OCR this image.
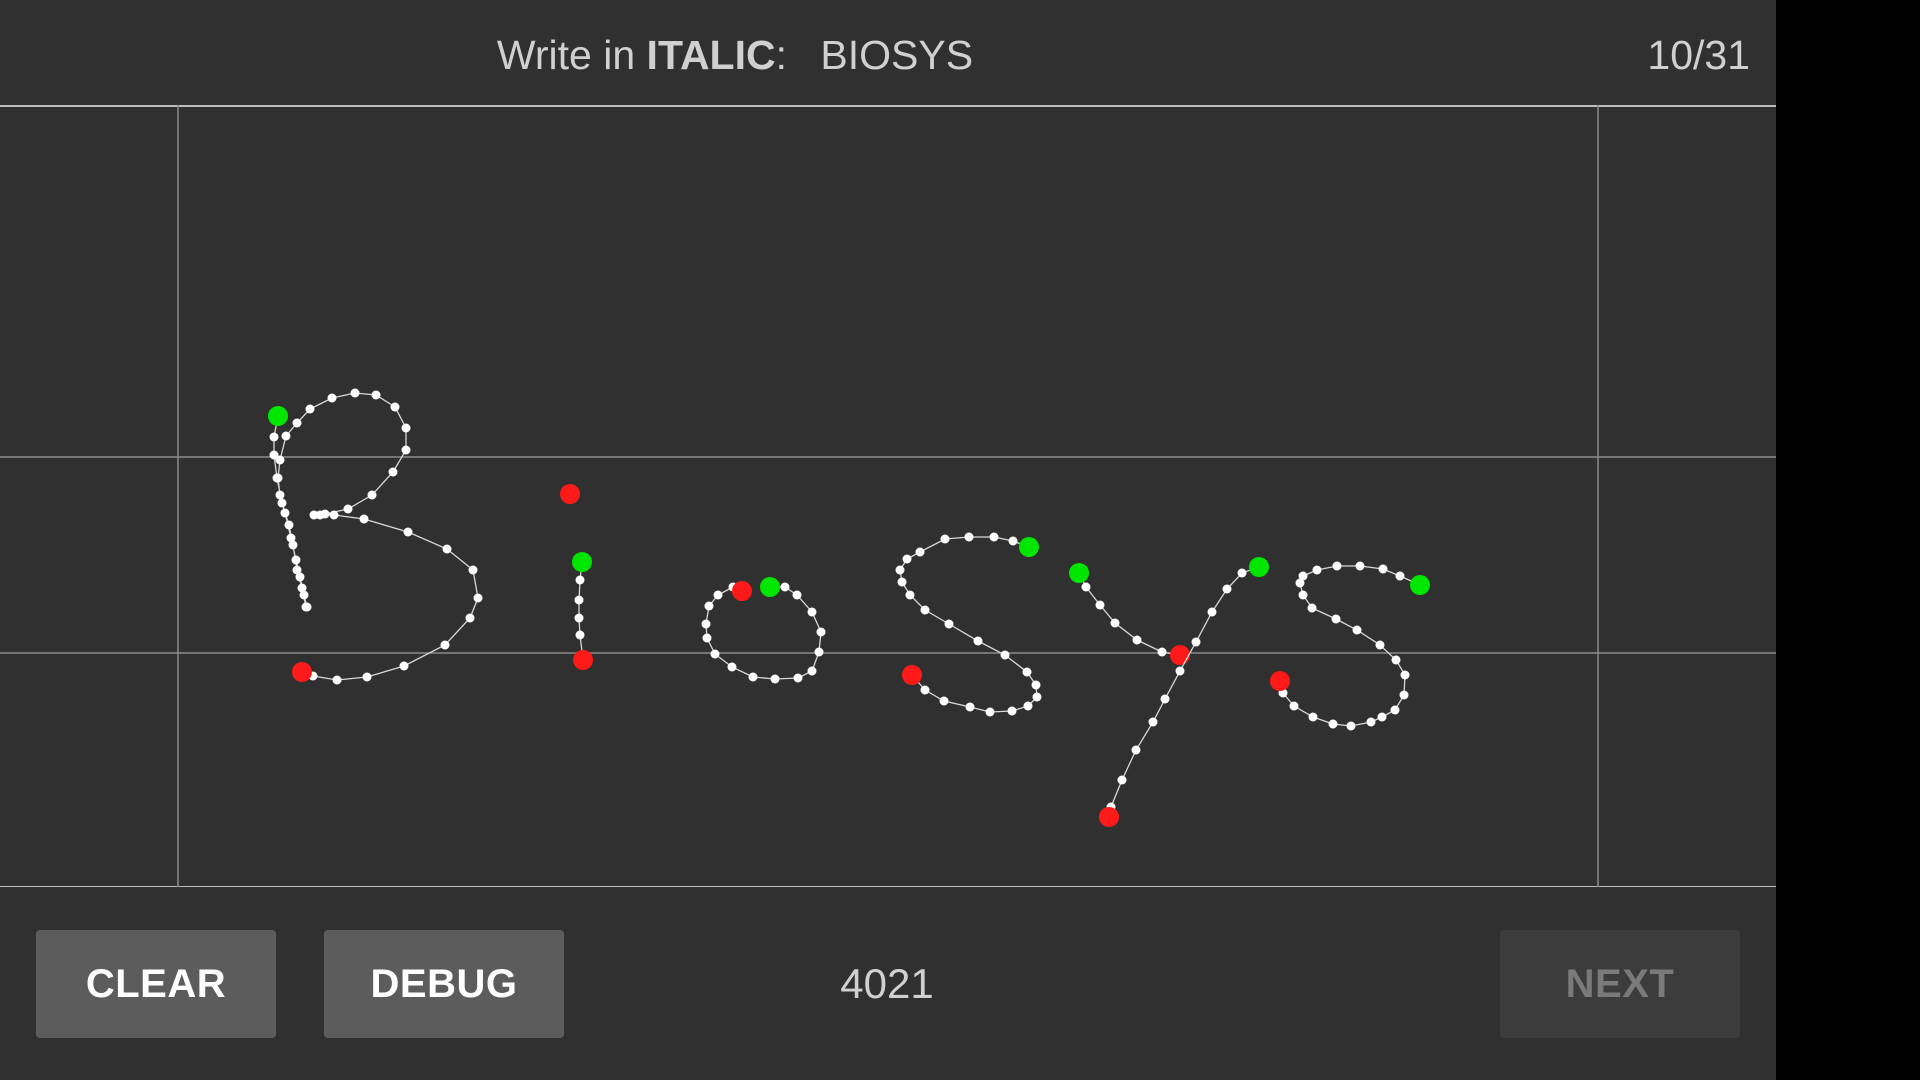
Write in ITALIC: BIOSYS	10/31
CLEAR	DEBUG	4021	NEXT
